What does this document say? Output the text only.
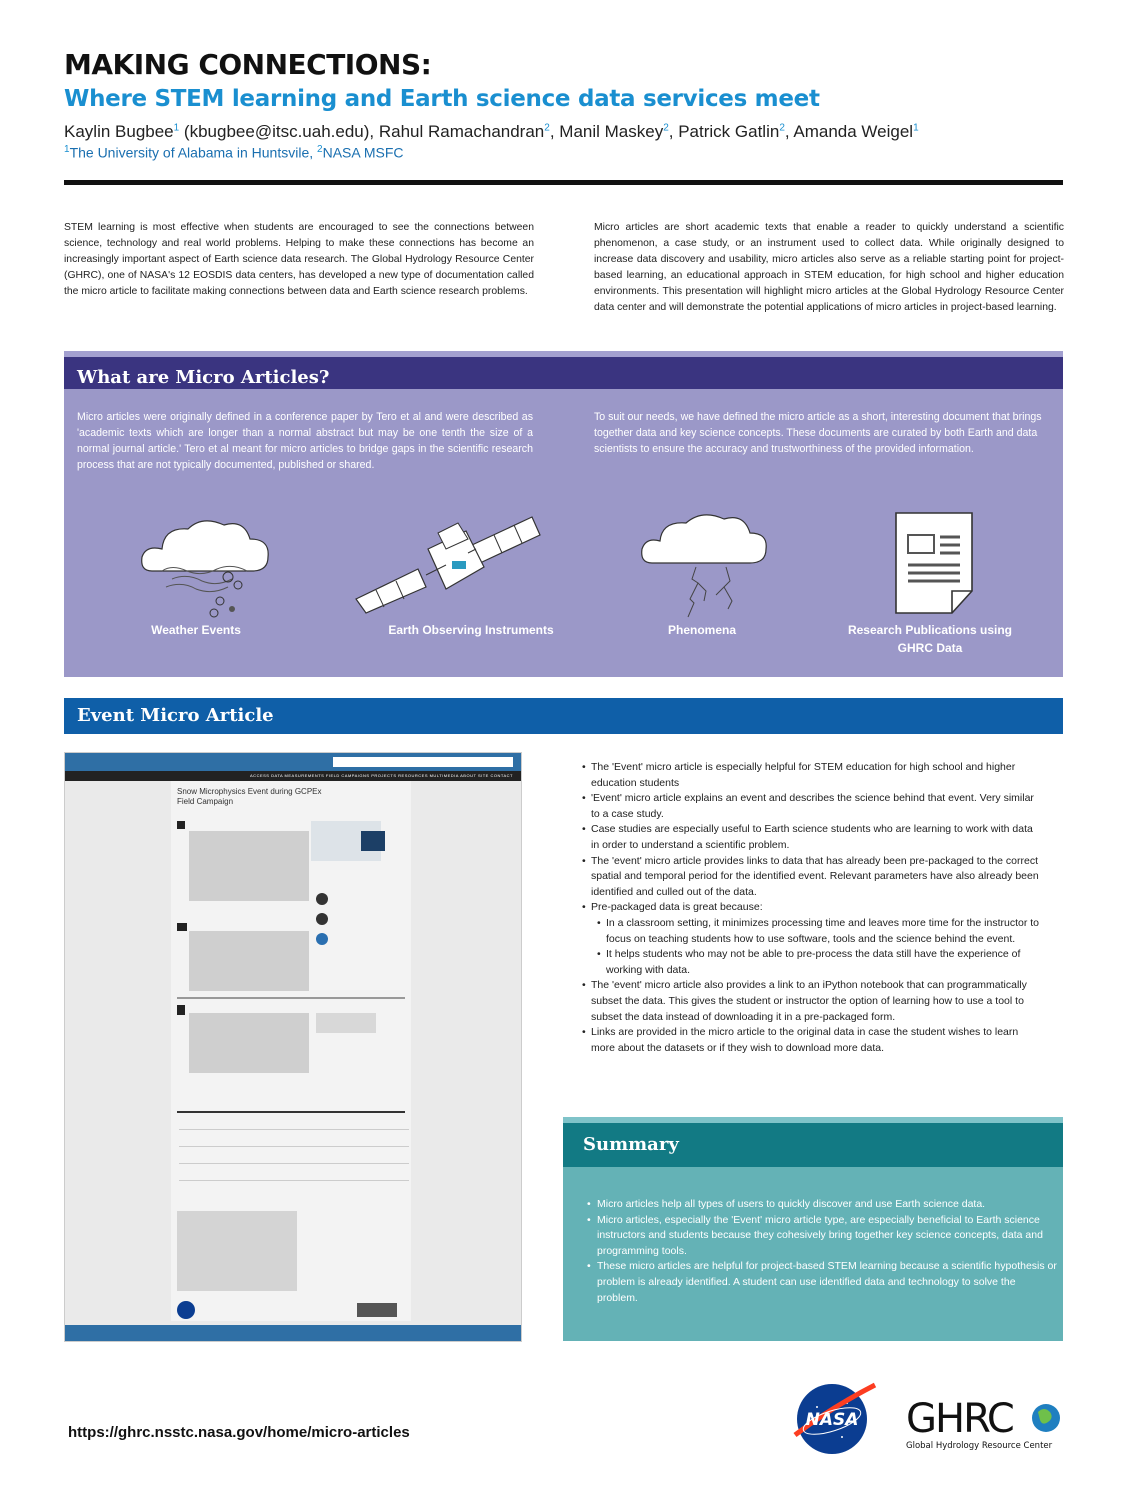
MAKING CONNECTIONS:
Where STEM learning and Earth science data services meet
Kaylin Bugbee$^1$ (kbugbee@itsc.uah.edu), Rahul Ramachandran$^2$, Manil Maskey$^2$, Patrick Gatlin$^2$, Amanda Weigel$^1$
$^1$The University of Alabama in Huntsvile, $^2$NASA MSFC

STEM learning is most effective when students are encouraged to see the connections between science, technology and real world problems. Helping to make these connections has become an increasingly important aspect of Earth science data research. The Global Hydrology Resource Center (GHRC), one of NASA's 12 EOSDIS data centers, has developed a new type of documentation called the micro article to facilitate making connections between data and Earth science research problems.

Micro articles are short academic texts that enable a reader to quickly understand a scientific phenomenon, a case study, or an instrument used to collect data. While originally designed to increase data discovery and usability, micro articles also serve as a reliable starting point for project-based learning, an educational approach in STEM education, for high school and higher education environments. This presentation will highlight micro articles at the Global Hydrology Resource Center data center and will demonstrate the potential applications of micro articles in project-based learning.

What are Micro Articles?

Micro articles were originally defined in a conference paper by Tero et al and were described as 'academic texts which are longer than a normal abstract but may be one tenth the size of a normal journal article.' Tero et al meant for micro articles to bridge gaps in the scientific research process that are not typically documented, published or shared.

To suit our needs, we have defined the micro article as a short, interesting document that brings together data and key science concepts. These documents are curated by both Earth and data scientists to ensure the accuracy and trustworthiness of the provided information.

Weather Events	Earth Observing Instruments	Phenomena	Research Publications using GHRC Data
Event Micro Article
ACCESS DATA MEASUREMENTS FIELD CAMPAIGNS PROJECTS RESOURCES MULTIMEDIA ABOUT SITE CONTACT
Snow Microphysics Event during GCPEx Field Campaign
• The 'Event' micro article is especially helpful for STEM education for high school and higher education students
• 'Event' micro article explains an event and describes the science behind that event. Very similar to a case study.
• Case studies are especially useful to Earth science students who are learning to work with data in order to understand a scientific problem.
• The 'event' micro article provides links to data that has already been pre-packaged to the correct spatial and temporal period for the identified event. Relevant parameters have also already been identified and culled out of the data.
• Pre-packaged data is great because:
• In a classroom setting, it minimizes processing time and leaves more time for the instructor to focus on teaching students how to use software, tools and the science behind the event.
• It helps students who may not be able to pre-process the data still have the experience of working with data.
• The 'event' micro article also provides a link to an iPython notebook that can programmatically subset the data. This gives the student or instructor the option of learning how to use a tool to subset the data instead of downloading it in a pre-packaged form.
• Links are provided in the micro article to the original data in case the student wishes to learn more about the datasets or if they wish to download more data.
Summary
• Micro articles help all types of users to quickly discover and use Earth science data.
• Micro articles, especially the 'Event' micro article type, are especially beneficial to Earth science instructors and students because they cohesively bring together key science concepts, data and programming tools.
• These micro articles are helpful for project-based STEM learning because a scientific hypothesis or problem is already identified. A student can use identified data and technology to solve the problem.
https://ghrc.nsstc.nasa.gov/home/micro-articles
NASA GHRC
Global Hydrology Resource Center
